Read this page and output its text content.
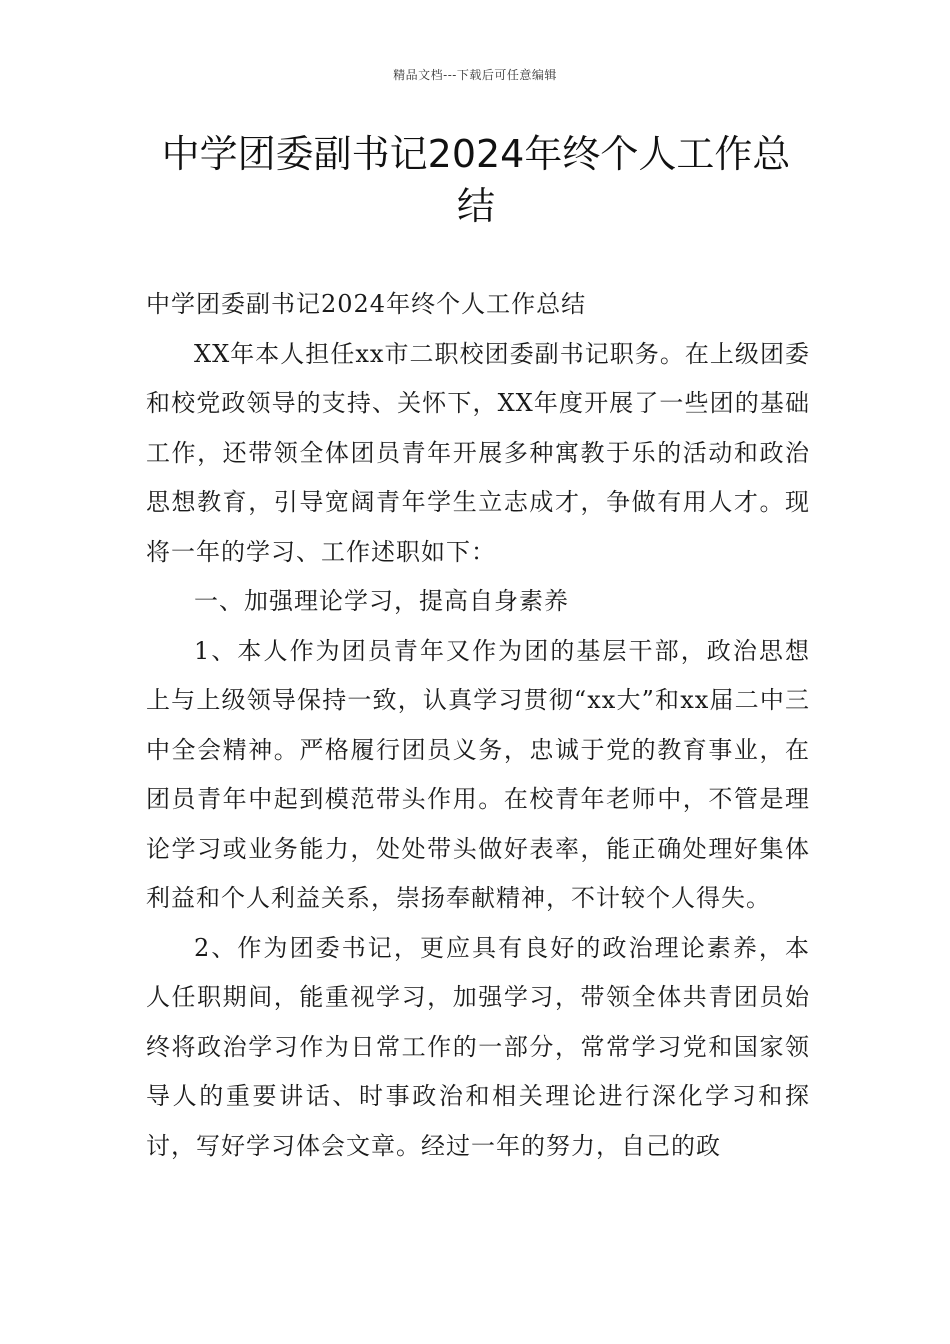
精品文档---下载后可任意编辑
中学团委副书记2024年终个人工作总结

中学团委副书记2024年终个人工作总结

XX年本人担任xx市二职校团委副书记职务。在上级团委和校党政领导的支持、关怀下，XX年度开展了一些团的基础工作，还带领全体团员青年开展多种寓教于乐的活动和政治思想教育，引导宽阔青年学生立志成才，争做有用人才。现将一年的学习、工作述职如下：

一、加强理论学习，提高自身素养

1、本人作为团员青年又作为团的基层干部，政治思想上与上级领导保持一致，认真学习贯彻“xx大”和xx届二中三中全会精神。严格履行团员义务，忠诚于党的教育事业，在团员青年中起到模范带头作用。在校青年老师中，不管是理论学习或业务能力，处处带头做好表率，能正确处理好集体利益和个人利益关系，崇扬奉献精神，不计较个人得失。

2、作为团委书记，更应具有良好的政治理论素养，本人任职期间，能重视学习，加强学习，带领全体共青团员始终将政治学习作为日常工作的一部分，常常学习党和国家领导人的重要讲话、时事政治和相关理论进行深化学习和探讨，写好学习体会文章。经过一年的努力，自己的政
